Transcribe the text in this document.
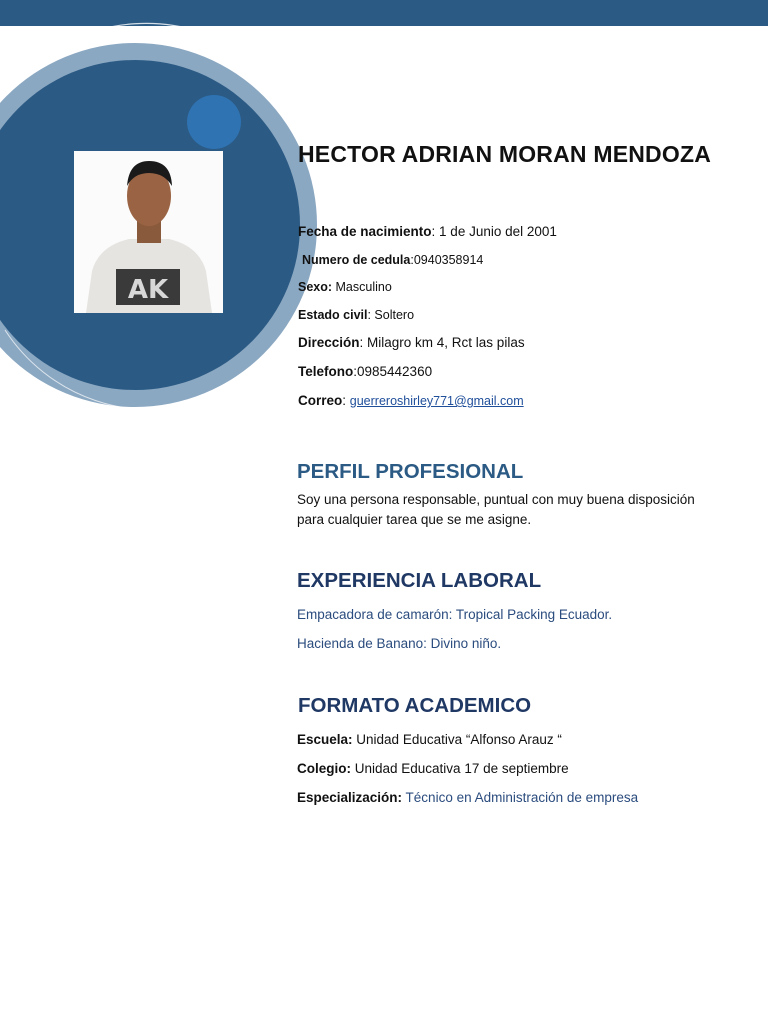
AK
HECTOR ADRIAN MORAN MENDOZA
Fecha de nacimiento: 1 de Junio del 2001
Numero de cedula:0940358914
Sexo: Masculino
Estado civil: Soltero
Dirección: Milagro km 4, Rct las pilas
Telefono:0985442360
Correo: guerreroshirley771@gmail.com
PERFIL PROFESIONAL
Soy una persona responsable, puntual con muy buena disposición para cualquier tarea que se me asigne.
EXPERIENCIA LABORAL
Empacadora de camarón: Tropical Packing Ecuador.
Hacienda de Banano: Divino niño.
FORMATO ACADEMICO
Escuela: Unidad Educativa “Alfonso Arauz “
Colegio: Unidad Educativa 17 de septiembre
Especialización: Técnico en Administración de empresa
